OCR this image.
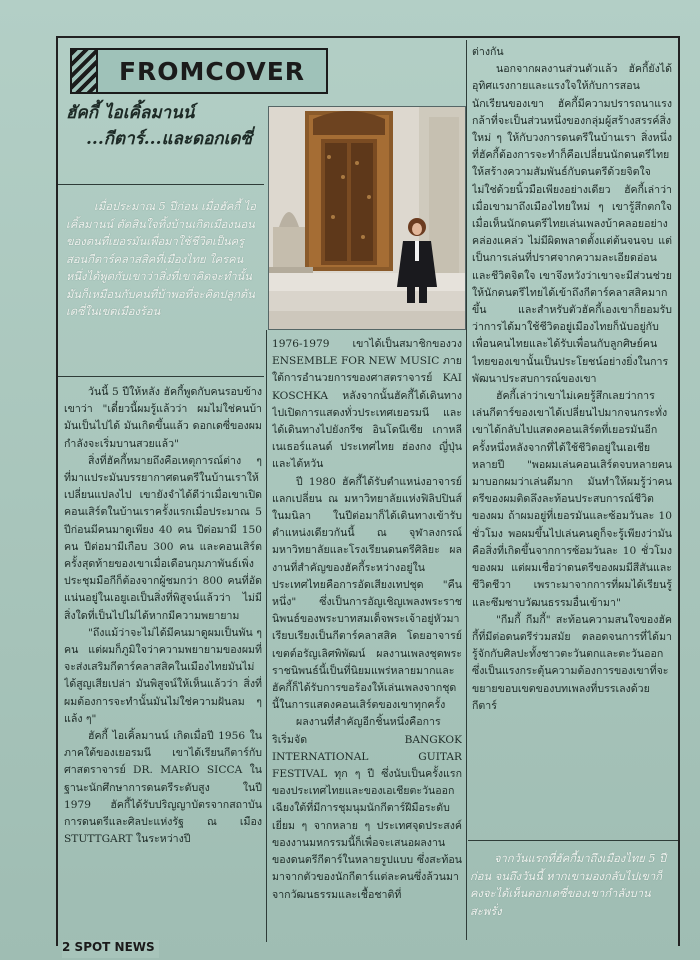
FROMCOVER
ฮัคกี้ ไอเคิ้ลมานน์
...กีตาร์...และดอกเดซี่
เมื่อประมาณ 5 ปีก่อน เมื่อฮัคกี้ ไอเคิ้ลมานน์ ตัดสินใจทิ้งบ้านเกิดเมืองนอนของตนที่เยอรมันเพื่อมาใช้ชีวิตเป็นครูสอนกีตาร์คลาสสิคที่เมืองไทย ใครคนหนึ่งได้พูดกับเขาว่าสิ่งที่เขาคิดจะทำนั้นมันก็เหมือนกับคนที่บ้าพอที่จะคิดปลูกต้นเดซี่ในเขตเมืองร้อน

วันนี้ 5 ปีให้หลัง ฮัคกี้พูดกับคนรอบข้างเขาว่า "เดี๋ยวนี้ผมรู้แล้วว่า ผมไม่ใช่คนบ้ามันเป็นไปได้ มันเกิดขึ้นแล้ว ดอกเดซี่ของผมกำลังจะเริ่มบานสวยแล้ว"

สิ่งที่ฮัคกี้หมายถึงคือเหตุการณ์ต่าง ๆ ที่มาแประมันบรรยากาศดนตรีในบ้านเราให้เปลี่ยนแปลงไป เขายังจำได้ดีว่าเมื่อเขาเปิดคอนเสิร์ตในบ้านเราครั้งแรกเมื่อประมาณ 5 ปีก่อนมีคนมาดูเพียง 40 คน ปีต่อมามี 150 คน ปีต่อมามีเกือบ 300 คน และคอนเสิร์ตครั้งสุดท้ายของเขาเมื่อเดือนกุมภาพันธ์เพิ่งประชุมมือกีก็ต้องจากผู้ชมกว่า 800 คนที่อัดแน่นอยู่ในเอยูเอเป็นสิ่งที่พิสูจน์แล้วว่า ไม่มีสิ่งใดที่เป็นไปไม่ได้หากมีความพยายาม

"ถึงแม้ว่าจะไม่ได้มีคนมาดูผมเป็นพัน ๆ คน แต่ผมก็ภูมิใจว่าความพยายามของผมที่จะส่งเสริมกีตาร์คลาสสิคในเมืองไทยมันไม่ได้สูญเสียเปล่า มันพิสูจน์ให้เห็นแล้วว่า สิ่งที่ผมต้องการจะทำนั้นมันไม่ใช่ความฝันลม ๆ แล้ง ๆ"

ฮัคกี้ ไอเคิ้ลมานน์ เกิดเมื่อปี 1956 ในภาคใต้ของเยอรมนี เขาได้เรียนกีตาร์กับศาสตราจารย์ DR. MARIO SICCA ในฐานะนักศึกษาการดนตรีระดับสูง ในปี 1979 ฮัคกี้ได้รับปริญญาบัตรจากสถาบันการดนตรีและศิลปะแห่งรัฐ ณ เมือง STUTTGART ในระหว่างปี

1976-1979 เขาได้เป็นสมาชิกของวง ENSEMBLE FOR NEW MUSIC ภายใต้การอำนวยการของศาสตราจารย์ KAI KOSCHKA หลังจากนั้นฮัคกี้ได้เดินทางไปเปิดการแสดงทั่วประเทศเยอรมนี และได้เดินทางไปยังกรีซ อินโดนีเซีย เกาหลี เนเธอร์แลนด์ ประเทศไทย ฮ่องกง ญี่ปุ่น และไต้หวัน

ปี 1980 ฮัคกี้ได้รับตำแหน่งอาจารย์แลกเปลี่ยน ณ มหาวิทยาลัยแห่งฟิลิปปินส์ในมนิลา ในปีต่อมาก็ได้เดินทางเข้ารับตำแหน่งเดียวกันนี้ ณ จุฬาลงกรณ์มหาวิทยาลัยและโรงเรียนดนตรีศิลิยะ ผลงานที่สำคัญของฮัคกี้ระหว่างอยู่ในประเทศไทยคือการอัดเสียงเทปชุด "คืนหนึ่ง" ซึ่งเป็นการอัญเชิญเพลงพระราชนิพนธ์ของพระบาทสมเด็จพระเจ้าอยู่หัวมาเรียบเรียงเป็นกีตาร์คลาสสิค โดยอาจารย์เขตต์อรัญเลิศพิพัฒน์ ผลงานเพลงชุดพระราชนิพนธ์นี้เป็นที่นิยมแพร่หลายมากและฮัคกี้ก็ได้รับการขอร้องให้เล่นเพลงจากชุดนี้ในการแสดงคอนเสิร์ตของเขาทุกครั้ง

ผลงานที่สำคัญอีกชิ้นหนึ่งคือการริเริ่มจัด BANGKOK INTERNATIONAL GUITAR FESTIVAL ทุก ๆ ปี ซึ่งนับเป็นครั้งแรกของประเทศไทยและของเอเชียตะวันออกเฉียงใต้ที่มีการชุมนุมนักกีตาร์ฝีมือระดับเยี่ยม ๆ จากหลาย ๆ ประเทศจุดประสงค์ของงานมหกรรมนี้ก็เพื่อจะเสนอผลงานของดนตรีกีตาร์ในหลายรูปแบบ ซึ่งสะท้อนมาจากตัวของนักกีตาร์แต่ละคนซึ่งล้วนมาจากวัฒนธรรมและเชื้อชาติที่

ต่างกัน

นอกจากผลงานส่วนตัวแล้ว ฮัคกี้ยังได้อุทิศแรงกายและแรงใจให้กับการสอนนักเรียนของเขา ฮัคกี้มีความปรารถนาแรงกล้าที่จะเป็นส่วนหนึ่งของกลุ่มผู้สร้างสรรค์สิ่งใหม่ ๆ ให้กับวงการดนตรีในบ้านเรา สิ่งหนึ่งที่ฮัคกี้ต้องการจะทำก็คือเปลี่ยนนักดนตรีไทยให้สร้างความสัมพันธ์กับดนตรีด้วยจิตใจ ไม่ใช่ด้วยนิ้วมือเพียงอย่างเดียว ฮัคกี้เล่าว่าเมื่อเขามาถึงเมืองไทยใหม่ ๆ เขารู้สึกตกใจเมื่อเห็นนักดนตรีไทยเล่นเพลงบ้าคลอยอย่างคล่องแคล่ว ไม่มีผิดพลาดตั้งแต่ต้นจนจบ แต่เป็นการเล่นที่ปราศจากความละเอียดอ่อนและชีวิตจิตใจ เขาจึงหวังว่าเขาจะมีส่วนช่วยให้นักดนตรีไทยได้เข้าถึงกีตาร์คลาสสิคมากขึ้น และสำหรับตัวฮัคกี้เองเขาก็ยอมรับว่าการได้มาใช้ชีวิตอยู่เมืองไทยก็นับอยู่กับเพื่อนคนไทยและได้รับเพื่อนกับลูกศิษย์คนไทยของเขานั้นเป็นประโยชน์อย่างยิ่งในการพัฒนาประสบการณ์ของเขา

ฮัคกี้เล่าว่าเขาไม่เคยรู้สึกเลยว่าการเล่นกีตาร์ของเขาได้เปลี่ยนไปมากจนกระทั่งเขาได้กลับไปแสดงคอนเสิร์ตที่เยอรมันอีกครั้งหนึ่งหลังจากที่ได้ใช้ชีวิตอยู่ในเอเชียหลายปี "พอผมเล่นคอนเสิร์ตจบหลายคนมาบอกผมว่าเล่นดีมาก มันทำให้ผมรู้ว่าคนตรีของผมติดลึงละท้อนประสบการณ์ชีวิตของผม ถ้าผมอยู่ที่เยอรมันและซ้อมวันละ 10 ชั่วโมง พอผมขึ้นไปเล่นคนดูก็จะรู้เพียงว่ามันคือสิ่งที่เกิดขึ้นจากการซ้อมวันละ 10 ชั่วโมงของผม แต่ผมเชื่อว่าดนตรีของผมมีสีสันและชีวิตชีวา เพราะมาจากการที่ผมได้เรียนรู้ และซึมซาบวัฒนธรรมอื่นเข้ามา"

"กีมกี้ กีมกี้" สะท้อนความสนใจของฮัคกี้ที่มีต่อดนตรีร่วมสมัย ตลอดจนการที่ได้มารู้จักกับศิลปะทั้งชาวตะวันตกและตะวันออก ซึ่งเป็นแรงกระตุ้นความต้องการของเขาที่จะขยายขอบเขตของบทเพลงที่บรรเลงด้วยกีตาร์

จากวันแรกที่ฮัคกี้มาถึงเมืองไทย 5 ปีก่อน จนถึงวันนี้ หากเขามองกลับไปเขาก็คงจะได้เห็นดอกเดซี่ของเขากำลังบานสะพรั่ง
2 SPOT NEWS
